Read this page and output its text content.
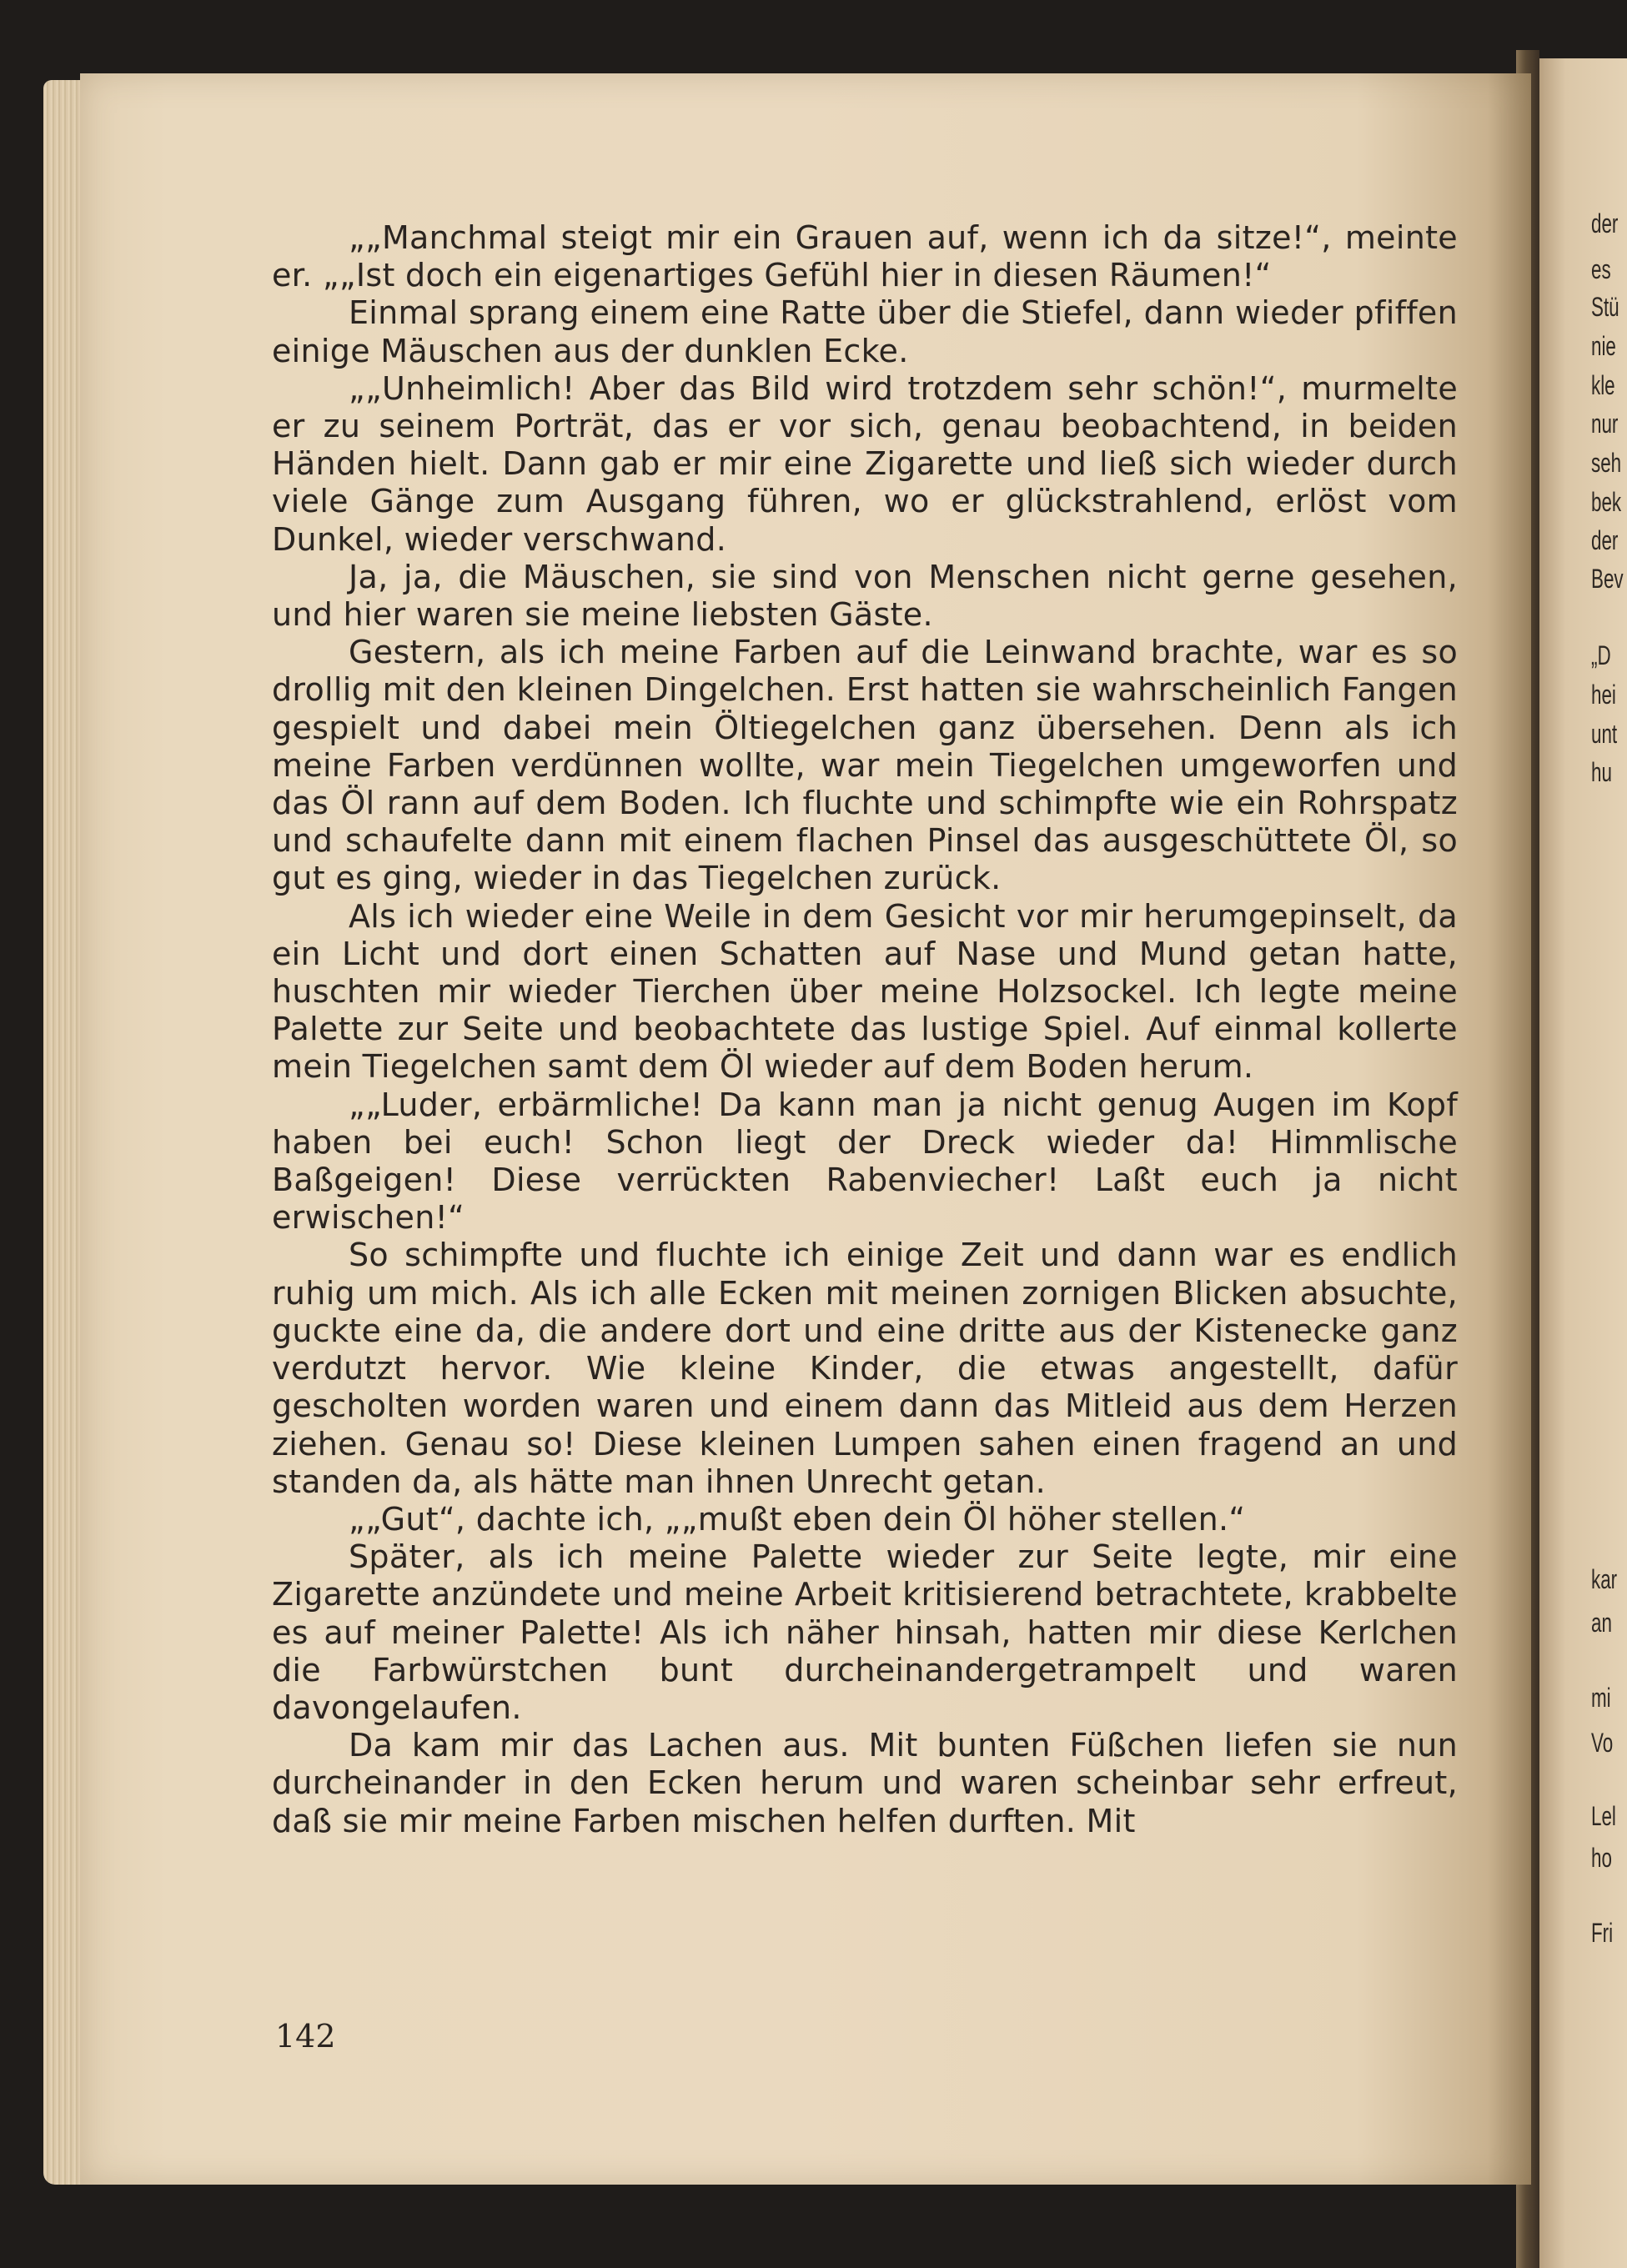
„„Manchmal steigt mir ein Grauen auf, wenn ich da sitze!“, meinte er. „„Ist doch ein eigenartiges Gefühl hier in diesen Räumen!“

Einmal sprang einem eine Ratte über die Stiefel, dann wieder pfiffen einige Mäuschen aus der dunklen Ecke.

„„Unheimlich! Aber das Bild wird trotzdem sehr schön!“, murmelte er zu seinem Porträt, das er vor sich, genau beobachtend, in beiden Händen hielt. Dann gab er mir eine Zigarette und ließ sich wieder durch viele Gänge zum Ausgang führen, wo er glückstrahlend, erlöst vom Dunkel, wieder verschwand.

Ja, ja, die Mäuschen, sie sind von Menschen nicht gerne gesehen, und hier waren sie meine liebsten Gäste.

Gestern, als ich meine Farben auf die Leinwand brachte, war es so drollig mit den kleinen Dingelchen. Erst hatten sie wahrscheinlich Fangen gespielt und dabei mein Öltiegelchen ganz übersehen. Denn als ich meine Farben verdünnen wollte, war mein Tiegelchen umgeworfen und das Öl rann auf dem Boden. Ich fluchte und schimpfte wie ein Rohrspatz und schaufelte dann mit einem flachen Pinsel das ausgeschüttete Öl, so gut es ging, wieder in das Tiegelchen zurück.

Als ich wieder eine Weile in dem Gesicht vor mir herumgepinselt, da ein Licht und dort einen Schatten auf Nase und Mund getan hatte, huschten mir wieder Tierchen über meine Holzsockel. Ich legte meine Palette zur Seite und beobachtete das lustige Spiel. Auf einmal kollerte mein Tiegelchen samt dem Öl wieder auf dem Boden herum.

„„Luder, erbärmliche! Da kann man ja nicht genug Augen im Kopf haben bei euch! Schon liegt der Dreck wieder da! Himmlische Baßgeigen! Diese verrückten Rabenviecher! Laßt euch ja nicht erwischen!“

So schimpfte und fluchte ich einige Zeit und dann war es endlich ruhig um mich. Als ich alle Ecken mit meinen zornigen Blicken absuchte, guckte eine da, die andere dort und eine dritte aus der Kistenecke ganz verdutzt hervor. Wie kleine Kinder, die etwas angestellt, dafür gescholten worden waren und einem dann das Mitleid aus dem Herzen ziehen. Genau so! Diese kleinen Lumpen sahen einen fragend an und standen da, als hätte man ihnen Unrecht getan.

„„Gut“, dachte ich, „„mußt eben dein Öl höher stellen.“

Später, als ich meine Palette wieder zur Seite legte, mir eine Zigarette anzündete und meine Arbeit kritisierend betrachtete, krabbelte es auf meiner Palette! Als ich näher hinsah, hatten mir diese Kerlchen die Farbwürstchen bunt durcheinandergetrampelt und waren davongelaufen.

Da kam mir das Lachen aus. Mit bunten Füßchen liefen sie nun durcheinander in den Ecken herum und waren scheinbar sehr erfreut, daß sie mir meine Farben mischen helfen durften. Mit

142
der
es
Stü
nie
kle
nur
seh
bek
der
Bev
„D
hei
unt
hu
kar
an
mi
Vo
Lel
ho
Fri
